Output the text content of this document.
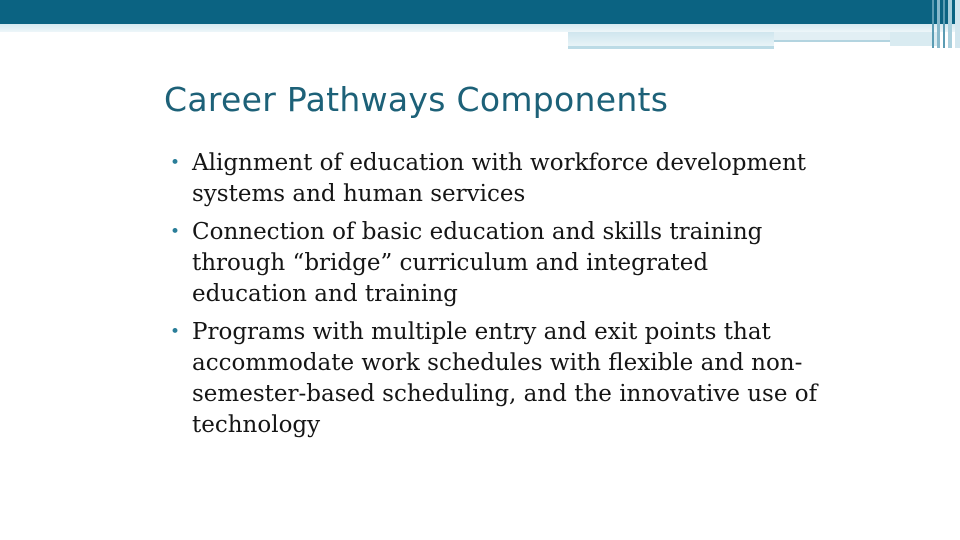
Career Pathways Components
• Alignment of education with workforce development systems and human services
• Connection of basic education and skills training through “bridge” curriculum and integrated education and training
• Programs with multiple entry and exit points that accommodate work schedules with flexible and non-semester-based scheduling, and the innovative use of technology
